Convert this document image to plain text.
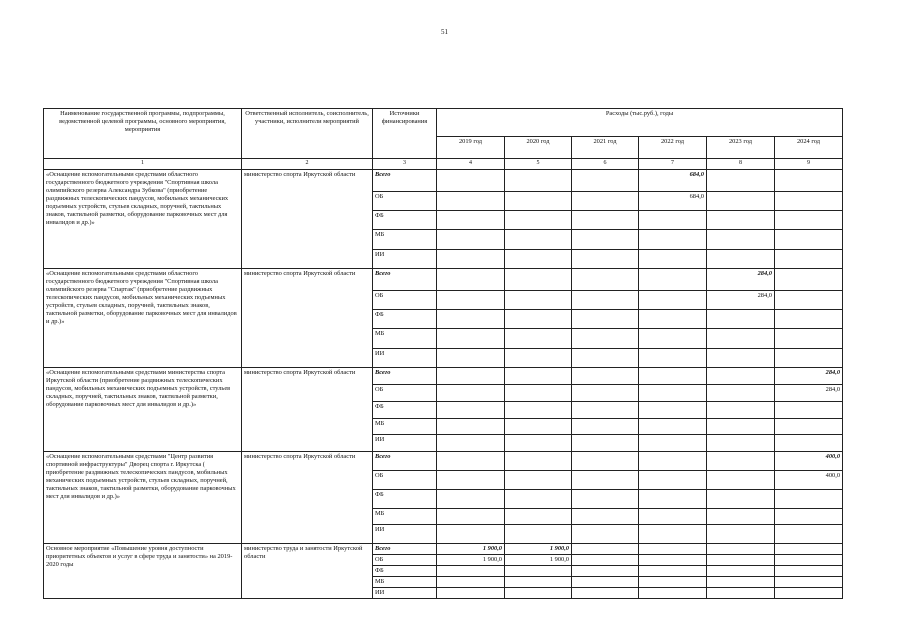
51
Наименование государственной программы, подпрограммы, ведомственной целевой программы, основного мероприятия, мероприятия	Ответственный исполнитель, соисполнитель, участники, исполнители мероприятий	Источники финансирования	Расходы (тыс.руб.), годы					
			2019 год	2020 год	2021 год	2022 год	2023 год	2024 год
1	2	3	4	5	6	7	8	9
«Оснащение вспомогательными средствами областного государственного бюджетного учреждения "Спортивная школа олимпийского резерва Александра Зубкова" (приобретение раздвижных телескопических пандусов, мобильных механических подъемных устройств, стульев складных, поручней, тактильных знаков, тактильной разметки, оборудование парковочных мест для инвалидов и др.)»	министерство спорта Иркутской области	Всего				684,0		
		ОБ				684,0		
		ФБ						
		МБ						
		ИИ						
«Оснащение вспомогательными средствами областного государственного бюджетного учреждения "Спортивная школа олимпийского резерва "Спартак" (приобретение раздвижных телескопических пандусов, мобильных механических подъемных устройств, стульев складных, поручней, тактильных знаков, тактильной разметки, оборудование парковочных мест для инвалидов и др.)»	министерство спорта Иркутской области	Всего					284,0	
		ОБ					284,0	
		ФБ						
		МБ						
		ИИ						
«Оснащение вспомогательными средствами министерства спорта Иркутской области (приобретение раздвижных телескопических пандусов, мобильных механических подъемных устройств, стульев складных, поручней, тактильных знаков, тактильной разметки, оборудование парковочных мест для инвалидов и др.)»	министерство спорта Иркутской области	Всего						284,0
		ОБ						284,0
		ФБ						
		МБ						
		ИИ						
«Оснащение вспомогательными средствами "Центр развития спортивной инфраструктуры" Дворец спорта г. Иркутска ( приобретение раздвижных телескопических пандусов, мобильных механических подъемных устройств, стульев складных, поручней, тактильных знаков, тактильной разметки, оборудование парковочных мест для инвалидов и др.)»	министерство спорта Иркутской области	Всего						400,0
		ОБ						400,0
		ФБ						
		МБ						
		ИИ						
Основное мероприятие «Повышение уровня доступности приоритетных объектов и услуг в сфере труда и занятости» на 2019-2020 годы	министерство труда и занятости Иркутской области	Всего	1 900,0	1 900,0				
		ОБ	1 900,0	1 900,0				
		ФБ						
		МБ						
		ИИ						
